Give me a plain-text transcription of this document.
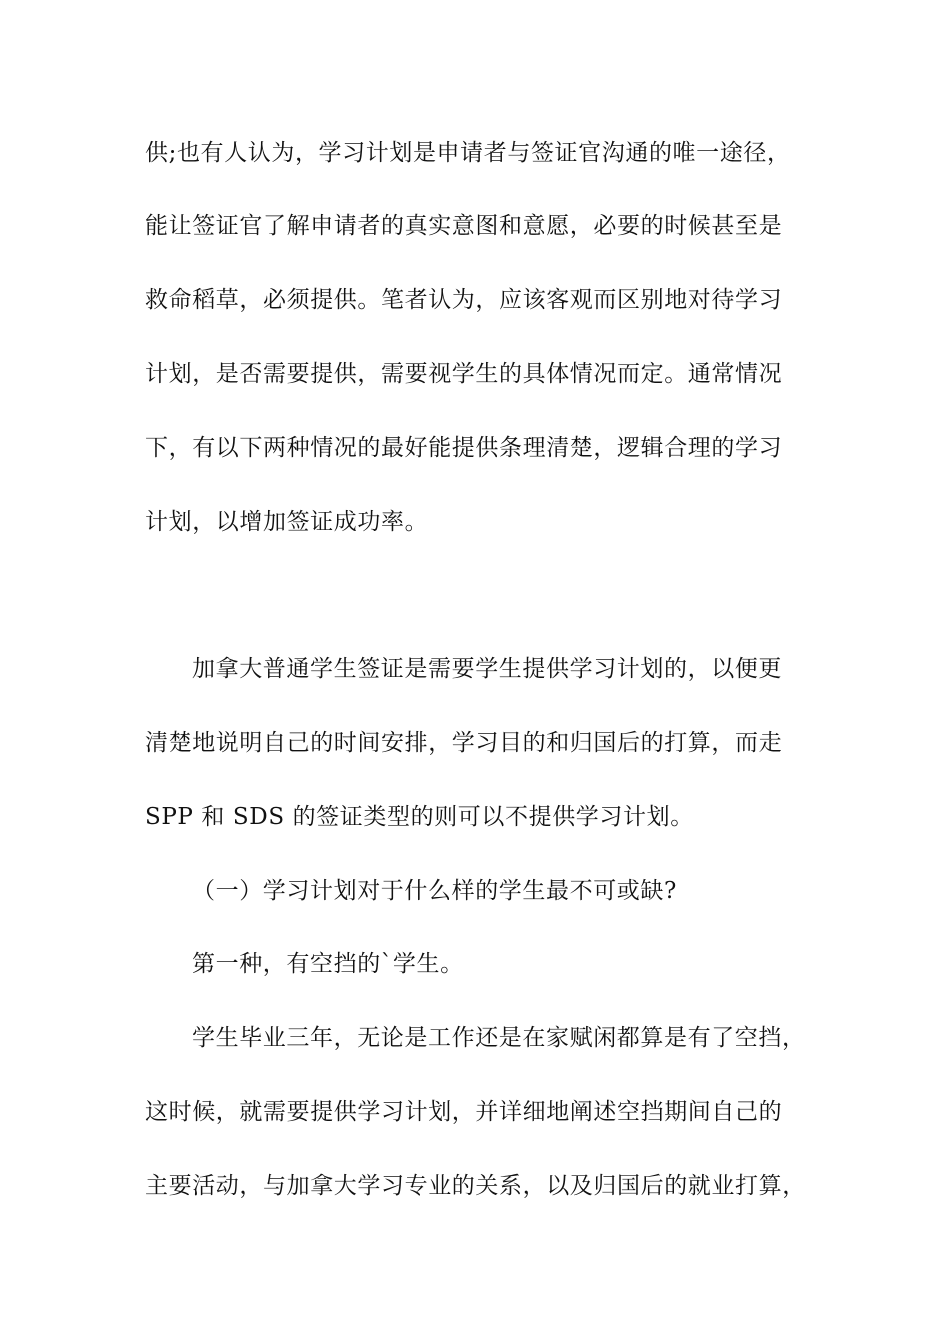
供;也有人认为，学习计划是申请者与签证官沟通的唯一途径，
能让签证官了解申请者的真实意图和意愿，必要的时候甚至是
救命稻草，必须提供。笔者认为，应该客观而区别地对待学习
计划，是否需要提供，需要视学生的具体情况而定。通常情况
下，有以下两种情况的最好能提供条理清楚，逻辑合理的学习
计划，以增加签证成功率。
加拿大普通学生签证是需要学生提供学习计划的，以便更
清楚地说明自己的时间安排，学习目的和归国后的打算，而走
SPP 和 SDS 的签证类型的则可以不提供学习计划。
（一）学习计划对于什么样的学生最不可或缺?
第一种，有空挡的`学生。
学生毕业三年，无论是工作还是在家赋闲都算是有了空挡，
这时候，就需要提供学习计划，并详细地阐述空挡期间自己的
主要活动，与加拿大学习专业的关系，以及归国后的就业打算，
